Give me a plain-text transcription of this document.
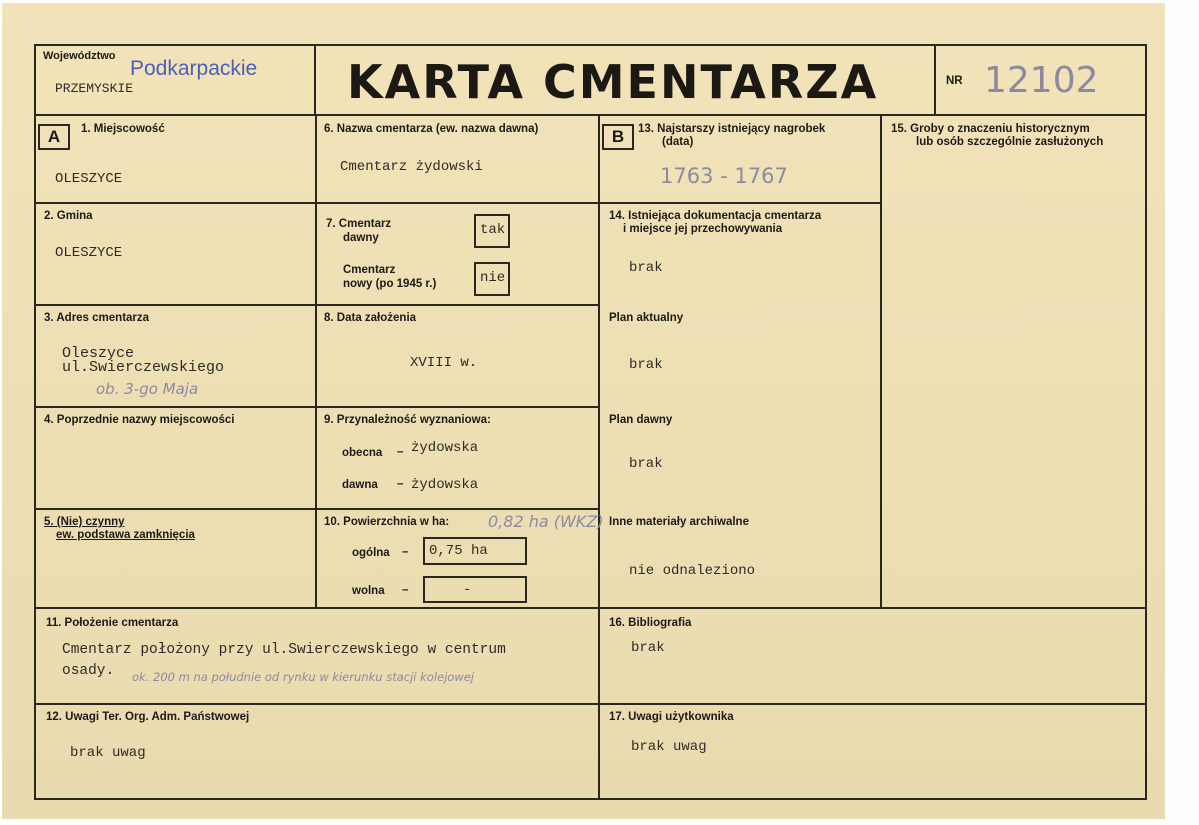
Województwo
Podkarpackie
PRZEMYSKIE	KARTA CMENTARZA	NR 12102
A	B
1. Miejscowość
OLESZYCE
2. Gmina
OLESZYCE
3. Adres cmentarza
Oleszyce
ul.Swierczewskiego
ob. 3-go Maja
4. Poprzednie nazwy miejscowości
5. (Nie) czynny
ew. podstawa zamknięcia
6. Nazwa cmentarza (ew. nazwa dawna)
Cmentarz żydowski
7. Cmentarz
dawny	tak
Cmentarz
nowy (po 1945 r.)	nie
8. Data założenia
XVIII w.
9. Przynależność wyznaniowa:
obecna – żydowska
dawna – żydowska
10. Powierzchnia w ha: 0,82 ha (WKZ)
ogólna –	0,75 ha
wolna –	-
11. Położenie cmentarza
Cmentarz położony przy ul.Swierczewskiego w centrum
osady. ok. 200 m na południe od rynku w kierunku stacji kolejowej
12. Uwagi Ter. Org. Adm. Państwowej
brak uwag
13. Najstarszy istniejący nagrobek
(data)
1763 - 1767
14. Istniejąca dokumentacja cmentarza
i miejsce jej przechowywania
brak
Plan aktualny
brak
Plan dawny
brak
Inne materiały archiwalne
nie odnaleziono
15. Groby o znaczeniu historycznym
lub osób szczególnie zasłużonych
16. Bibliografia
brak
17. Uwagi użytkownika
brak uwag
